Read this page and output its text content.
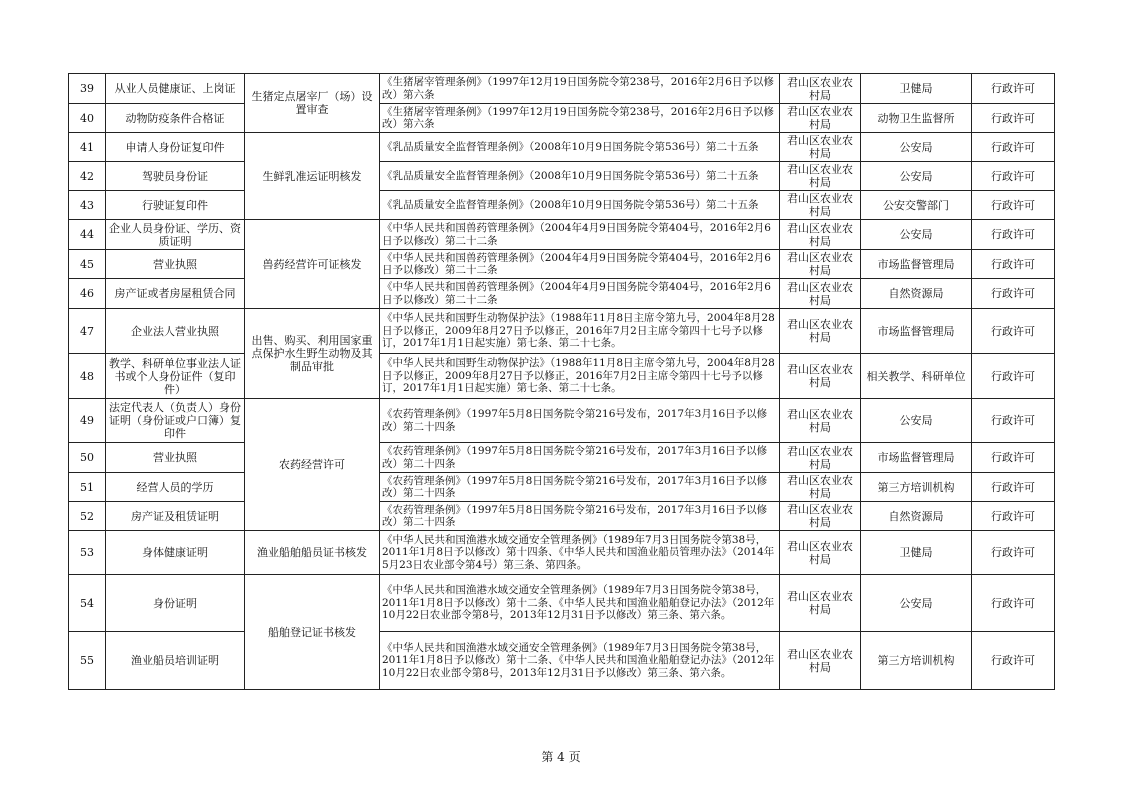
39	从业人员健康证、上岗证	生猪定点屠宰厂（场）设置审查	《生猪屠宰管理条例》（1997年12月19日国务院令第238号，2016年2月6日予以修改）第六条	君山区农业农村局	卫健局	行政许可
40	动物防疫条件合格证		《生猪屠宰管理条例》（1997年12月19日国务院令第238号，2016年2月6日予以修改）第六条	君山区农业农村局	动物卫生监督所	行政许可
41	申请人身份证复印件	生鲜乳准运证明核发	《乳品质量安全监督管理条例》（2008年10月9日国务院令第536号）第二十五条	君山区农业农村局	公安局	行政许可
42	驾驶员身份证		《乳品质量安全监督管理条例》（2008年10月9日国务院令第536号）第二十五条	君山区农业农村局	公安局	行政许可
43	行驶证复印件		《乳品质量安全监督管理条例》（2008年10月9日国务院令第536号）第二十五条	君山区农业农村局	公安交警部门	行政许可
44	企业人员身份证、学历、资质证明	兽药经营许可证核发	《中华人民共和国兽药管理条例》（2004年4月9日国务院令第404号，2016年2月6日予以修改）第二十二条	君山区农业农村局	公安局	行政许可
45	营业执照		《中华人民共和国兽药管理条例》（2004年4月9日国务院令第404号，2016年2月6日予以修改）第二十二条	君山区农业农村局	市场监督管理局	行政许可
46	房产证或者房屋租赁合同		《中华人民共和国兽药管理条例》（2004年4月9日国务院令第404号，2016年2月6日予以修改）第二十二条	君山区农业农村局	自然资源局	行政许可
47	企业法人营业执照	出售、购买、利用国家重点保护水生野生动物及其制品审批	《中华人民共和国野生动物保护法》（1988年11月8日主席令第九号，2004年8月28日予以修正，2009年8月27日予以修正，2016年7月2日主席令第四十七号予以修订，2017年1月1日起实施）第七条、第二十七条。	君山区农业农村局	市场监督管理局	行政许可
48	教学、科研单位事业法人证书或个人身份证件（复印件）		《中华人民共和国野生动物保护法》（1988年11月8日主席令第九号，2004年8月28日予以修正，2009年8月27日予以修正，2016年7月2日主席令第四十七号予以修订，2017年1月1日起实施）第七条、第二十七条。	君山区农业农村局	相关教学、科研单位	行政许可
49	法定代表人（负责人）身份证明（身份证或户口簿）复印件	农药经营许可	《农药管理条例》（1997年5月8日国务院令第216号发布，2017年3月16日予以修改）第二十四条	君山区农业农村局	公安局	行政许可
50	营业执照		《农药管理条例》（1997年5月8日国务院令第216号发布，2017年3月16日予以修改）第二十四条	君山区农业农村局	市场监督管理局	行政许可
51	经营人员的学历		《农药管理条例》（1997年5月8日国务院令第216号发布，2017年3月16日予以修改）第二十四条	君山区农业农村局	第三方培训机构	行政许可
52	房产证及租赁证明		《农药管理条例》（1997年5月8日国务院令第216号发布，2017年3月16日予以修改）第二十四条	君山区农业农村局	自然资源局	行政许可
53	身体健康证明	渔业船舶船员证书核发	《中华人民共和国渔港水域交通安全管理条例》（1989年7月3日国务院令第38号，2011年1月8日予以修改）第十四条、《中华人民共和国渔业船员管理办法》（2014年5月23日农业部令第4号）第三条、第四条。	君山区农业农村局	卫健局	行政许可
54	身份证明	船舶登记证书核发	《中华人民共和国渔港水域交通安全管理条例》（1989年7月3日国务院令第38号，2011年1月8日予以修改）第十二条、《中华人民共和国渔业船舶登记办法》（2012年10月22日农业部令第8号，2013年12月31日予以修改）第三条、第六条。	君山区农业农村局	公安局	行政许可
55	渔业船员培训证明		《中华人民共和国渔港水域交通安全管理条例》（1989年7月3日国务院令第38号，2011年1月8日予以修改）第十二条、《中华人民共和国渔业船舶登记办法》（2012年10月22日农业部令第8号，2013年12月31日予以修改）第三条、第六条。	君山区农业农村局	第三方培训机构	行政许可
第 4 页
